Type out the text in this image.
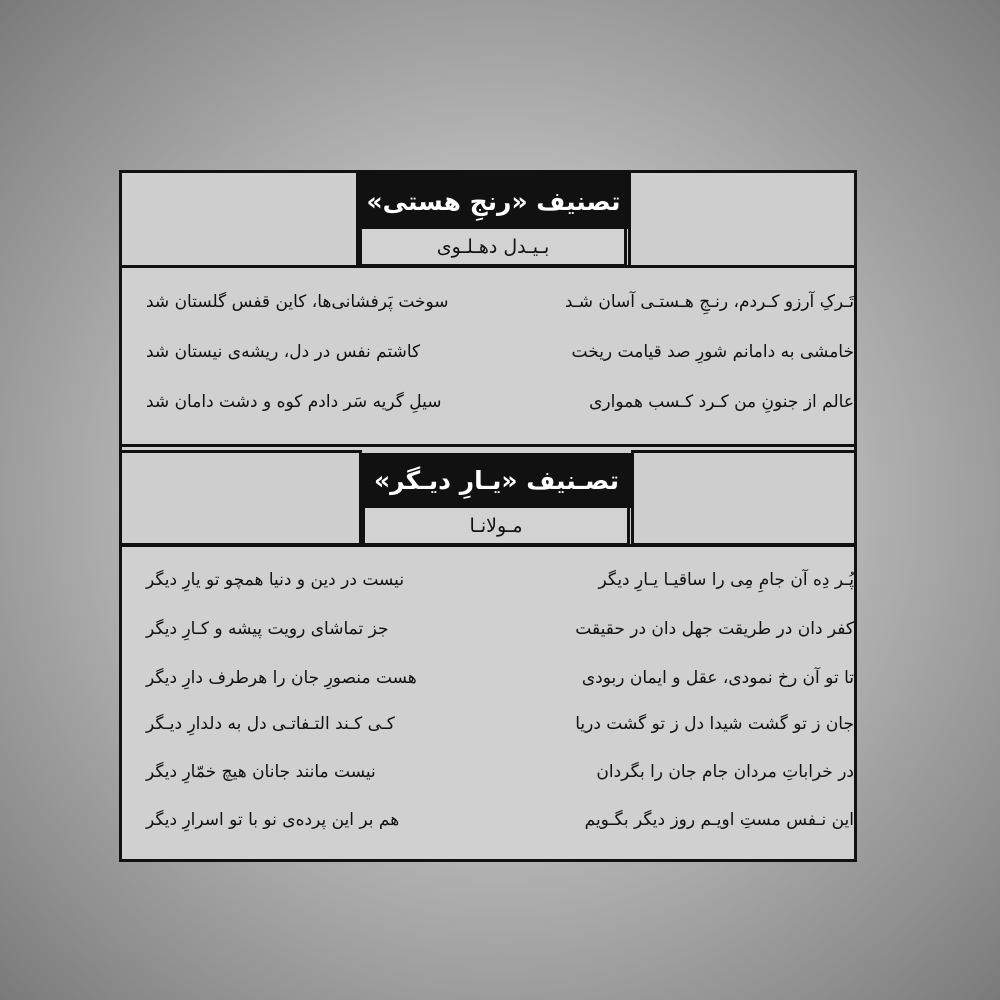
تصنیف «رنجِ هستی»
بـیـدل دهـلـوی
تَـرکِ آرزو کـردم، رنـجِ هـستـی آسان شـد
سوخت پَرفشانی‌ها، کاین قفس گلستان شد
خامشی به دامانم شورِ صد قیامت ریخت
کاشتم نفس در دل، ریشه‌ی نیستان شد
عالم از جنونِ من کـرد کـسب همواری
سیلِ گریه سَر دادم کوه و دشت دامان شد
تصـنیف «یـارِ دیـگر»
مـولانـا
پُـر دِه آن جامِ مِی را ساقیـا یـارِ دیگر
نیست در دین و دنیا همچو تو یارِ دیگر
کفر دان در طریقت جهل دان در حقیقت
جز تماشای رویت پیشه و کـارِ دیگر
تا تو آن رخ نمودی، عقل و ایمان ربودی
هست منصورِ جان را هرطرف دارِ دیگر
جان ز تو گشت شیدا دل ز تو گشت دریا
کـی کـند التـفاتـی دل به دلدارِ دیـگر
در خراباتِ مردان جام جان را بگردان
نیست مانند جانان هیچ خمّارِ دیگر
این نـفس مستِ اویـم روز دیگر بگـویم
هم بر این پرده‌ی نو با تو اسرارِ دیگر
